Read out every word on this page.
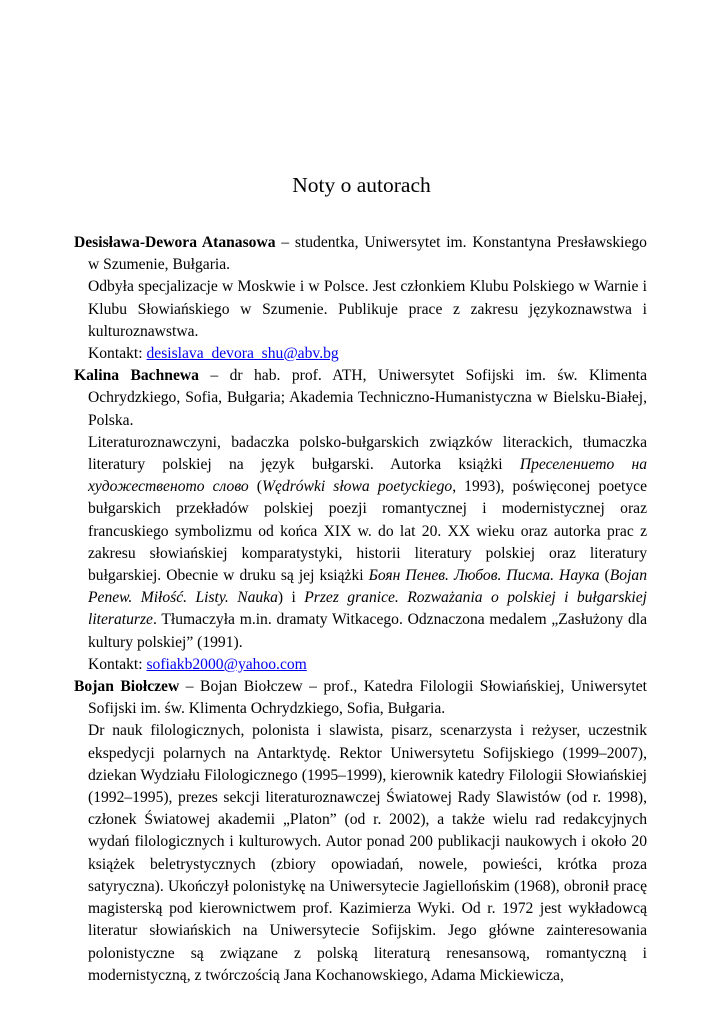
Noty o autorach

Desisława-Dewora Atanasowa – studentka, Uniwersytet im. Konstantyna Presławskiego w Szumenie, Bułgaria.

Odbyła specjalizacje w Moskwie i w Polsce. Jest członkiem Klubu Polskiego w Warnie i Klubu Słowiańskiego w Szumenie. Publikuje prace z zakresu językoznawstwa i kulturoznawstwa.

Kontakt: desislava_devora_shu@abv.bg

Kalina Bachnewa – dr hab. prof. ATH, Uniwersytet Sofijski im. św. Klimenta Ochrydzkiego, Sofia, Bułgaria; Akademia Techniczno-Humanistyczna w Bielsku-Białej, Polska.

Literaturoznawczyni, badaczka polsko-bułgarskich związków literackich, tłumaczka literatury polskiej na język bułgarski. Autorka książki Преселението на художественото слово (Wędrówki słowa poetyckiego, 1993), poświęconej poetyce bułgarskich przekładów polskiej poezji romantycznej i modernistycznej oraz francuskiego symbolizmu od końca XIX w. do lat 20. XX wieku oraz autorka prac z zakresu słowiańskiej komparatystyki, historii literatury polskiej oraz literatury bułgarskiej. Obecnie w druku są jej książki Боян Пенев. Любов. Писма. Наука (Bojan Penew. Miłość. Listy. Nauka) i Przez granice. Rozważania o polskiej i bułgarskiej literaturze. Tłumaczyła m.in. dramaty Witkacego. Odznaczona medalem „Zasłużony dla kultury polskiej” (1991).

Kontakt: sofiakb2000@yahoo.com

Bojan Biołczew – Bojan Biołczew – prof., Katedra Filologii Słowiańskiej, Uniwersytet Sofijski im. św. Klimenta Ochrydzkiego, Sofia, Bułgaria.

Dr nauk filologicznych, polonista i slawista, pisarz, scenarzysta i reżyser, uczestnik ekspedycji polarnych na Antarktydę. Rektor Uniwersytetu Sofijskiego (1999–2007), dziekan Wydziału Filologicznego (1995–1999), kierownik katedry Filologii Słowiańskiej (1992–1995), prezes sekcji literaturoznawczej Światowej Rady Slawistów (od r. 1998), członek Światowej akademii „Platon” (od r. 2002), a także wielu rad redakcyjnych wydań filologicznych i kulturowych. Autor ponad 200 publikacji naukowych i około 20 książek beletrystycznych (zbiory opowiadań, nowele, powieści, krótka proza satyryczna). Ukończył polonistykę na Uniwersytecie Jagiellońskim (1968), obronił pracę magisterską pod kierownictwem prof. Kazimierza Wyki. Od r. 1972 jest wykładowcą literatur słowiańskich na Uniwersytecie Sofijskim. Jego główne zainteresowania polonistyczne są związane z polską literaturą renesansową, romantyczną i modernistyczną, z twórczością Jana Kochanowskiego, Adama Mickiewicza,
